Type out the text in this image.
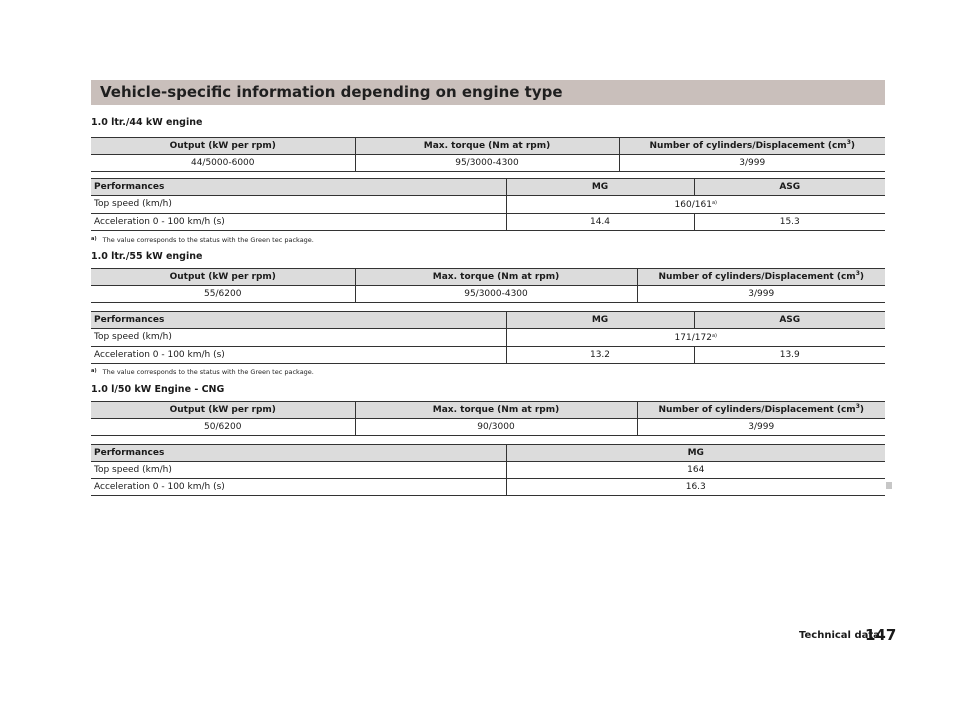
Vehicle-specific information depending on engine type
1.0 ltr./44 kW engine
Output (kW per rpm)	Max. torque (Nm at rpm)	Number of cylinders/Displacement $(cm^3)$
44/5000-6000	95/3000-4300	3/999
Performances	MG	ASG
Top speed (km/h)	160/161$^{a)}$
Acceleration 0 - 100 km/h (s)	14.4	15.3
$^{a)}$ The value corresponds to the status with the Green tec package.
1.0 ltr./55 kW engine
Output (kW per rpm)	Max. torque (Nm at rpm)	Number of cylinders/Displacement $(cm^3)$
55/6200	95/3000-4300	3/999
Performances	MG	ASG
Top speed (km/h)	171/172$^{a)}$
Acceleration 0 - 100 km/h (s)	13.2	13.9
$^{a)}$ The value corresponds to the status with the Green tec package.
1.0 l/50 kW Engine - CNG
Output (kW per rpm)	Max. torque (Nm at rpm)	Number of cylinders/Displacement $(cm^3)$
50/6200	90/3000	3/999
Performances	MG
Top speed (km/h)	164
Acceleration 0 - 100 km/h (s)	16.3
Technical data
147
